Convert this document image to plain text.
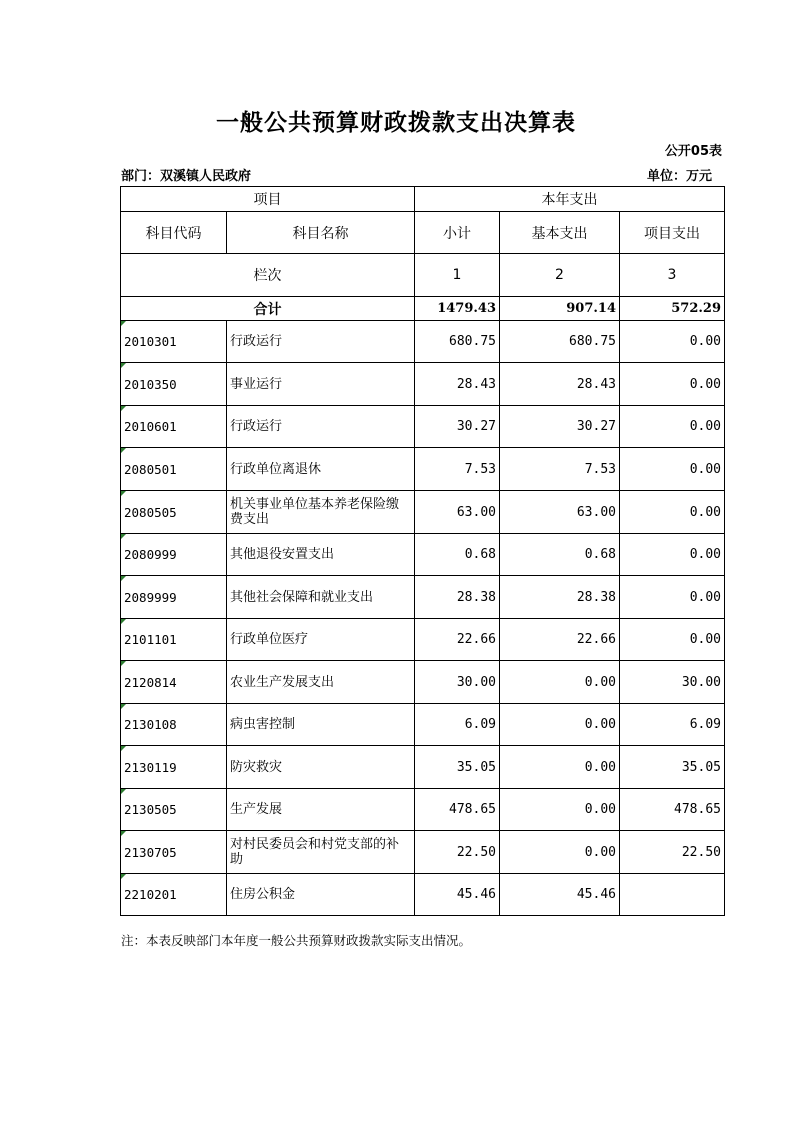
一般公共预算财政拨款支出决算表
公开05表
部门：双溪镇人民政府	单位：万元
项目		本年支出		
科目代码	科目名称	小计	基本支出	项目支出
栏次		1	2	3
合计		1479.43	907.14	572.29
2010301	行政运行	680.75	680.75	0.00
2010350	事业运行	28.43	28.43	0.00
2010601	行政运行	30.27	30.27	0.00
2080501	行政单位离退休	7.53	7.53	0.00
2080505	机关事业单位基本养老保险缴费支出	63.00	63.00	0.00
2080999	其他退役安置支出	0.68	0.68	0.00
2089999	其他社会保障和就业支出	28.38	28.38	0.00
2101101	行政单位医疗	22.66	22.66	0.00
2120814	农业生产发展支出	30.00	0.00	30.00
2130108	病虫害控制	6.09	0.00	6.09
2130119	防灾救灾	35.05	0.00	35.05
2130505	生产发展	478.65	0.00	478.65
2130705	对村民委员会和村党支部的补助	22.50	0.00	22.50
2210201	住房公积金	45.46	45.46	
注：本表反映部门本年度一般公共预算财政拨款实际支出情况。
